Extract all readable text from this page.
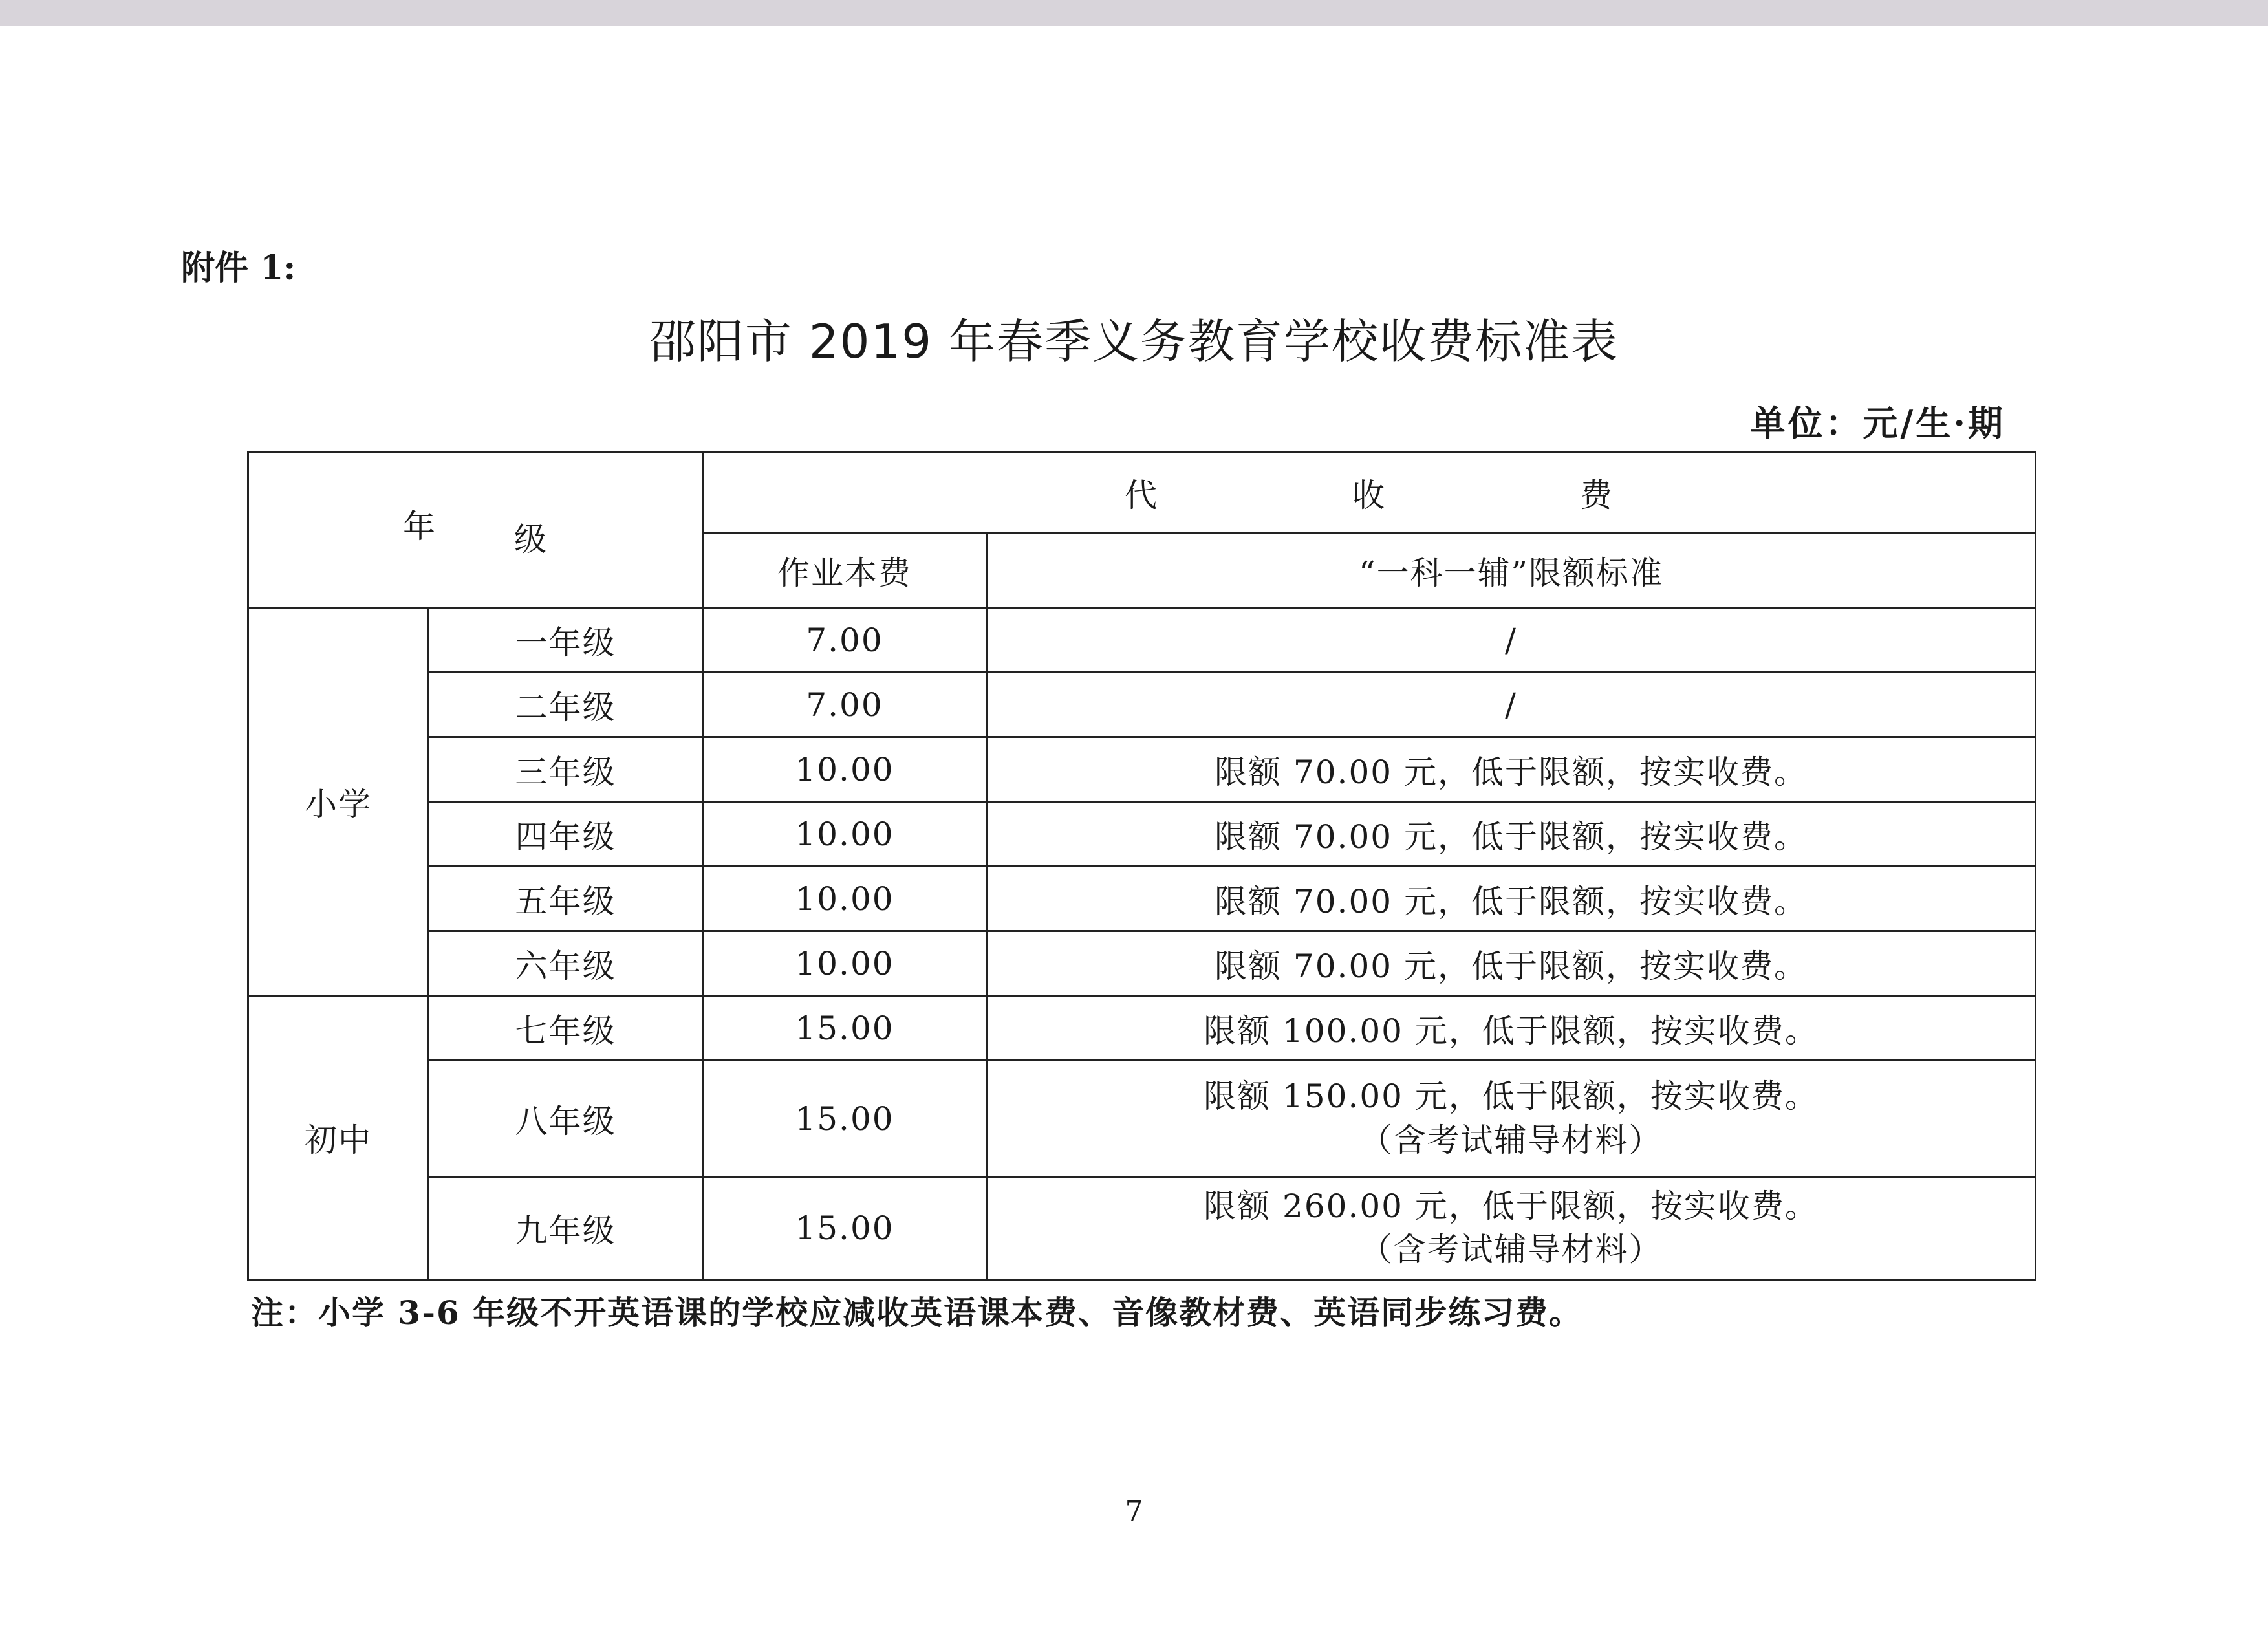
附件 1:
邵阳市 2019 年春季义务教育学校收费标准表
单位：元/生·期
年 级		代 收 费	
		作业本费	“一科一辅”限额标准
小学	一年级	7.00	/
	二年级	7.00	/
	三年级	10.00	限额 70.00 元，低于限额，按实收费。
	四年级	10.00	限额 70.00 元，低于限额，按实收费。
	五年级	10.00	限额 70.00 元，低于限额，按实收费。
	六年级	10.00	限额 70.00 元，低于限额，按实收费。
初中	七年级	15.00	限额 100.00 元，低于限额，按实收费。
	八年级	15.00	限额 150.00 元，低于限额，按实收费。
（含考试辅导材料）

	九年级	15.00	限额 260.00 元，低于限额，按实收费。
（含考试辅导材料）
注：小学 3-6 年级不开英语课的学校应减收英语课本费、音像教材费、英语同步练习费。
7
